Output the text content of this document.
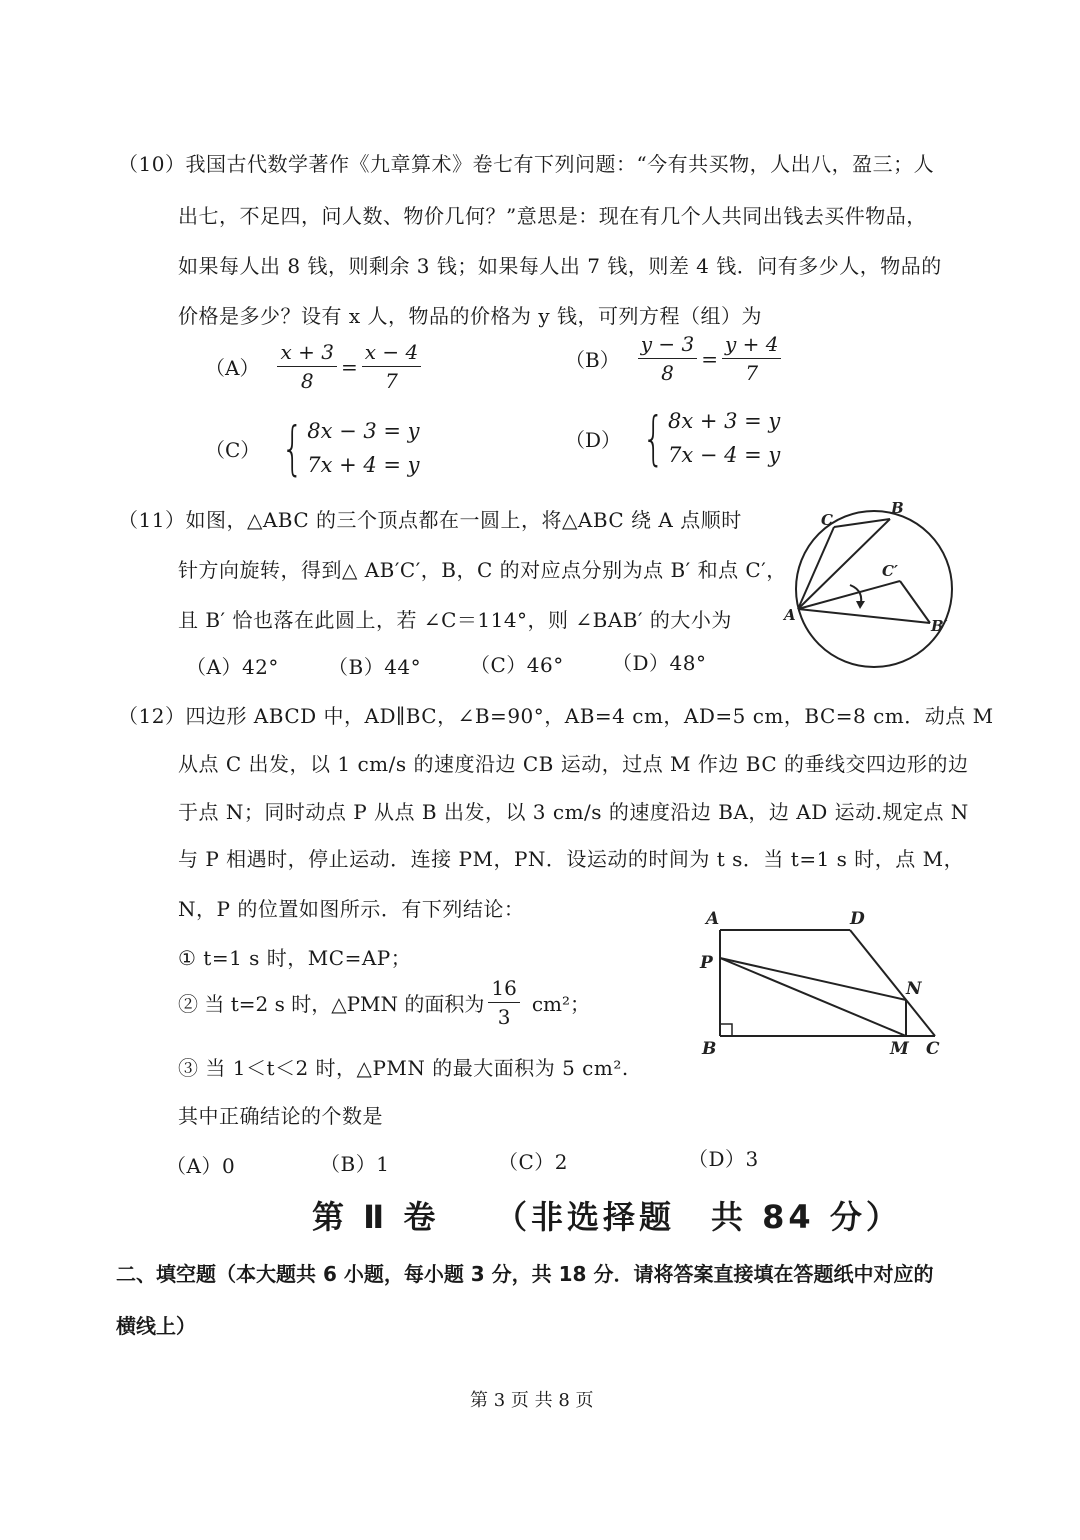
（10）我国古代数学著作《九章算术》卷七有下列问题：“今有共买物，人出八，盈三；人
出七，不足四，问人数、物价几何？”意思是：现在有几个人共同出钱去买件物品，
如果每人出 8 钱，则剩余 3 钱；如果每人出 7 钱，则差 4 钱．问有多少人，物品的
价格是多少？设有 x 人，物品的价格为 y 钱，可列方程（组）为
$(A) \frac{x + 3}{8} = \frac{x - 4}{7}$	$(B) \frac{y - 3}{8} = \frac{y + 4}{7}$
（C） { 8x − 3 = y
7x + 4 = y
（D） { 8x + 3 = y
7x − 4 = y
（11）如图，△ABC 的三个顶点都在一圆上，将△ABC 绕 A 点顺时
针方向旋转，得到△ AB′C′，B，C 的对应点分别为点 B′ 和点 C′，
且 B′ 恰也落在此圆上，若 ∠C＝114°，则 ∠BAB′ 的大小为
（A）42° （B）44° （C）46° （D）48°
A
B
C
C′
B′
（12）四边形 ABCD 中，AD∥BC，∠B=90°，AB=4 cm，AD=5 cm，BC=8 cm．动点 M
从点 C 出发，以 1 cm/s 的速度沿边 CB 运动，过点 M 作边 BC 的垂线交四边形的边
于点 N；同时动点 P 从点 B 出发，以 3 cm/s 的速度沿边 BA，边 AD 运动.规定点 N
与 P 相遇时，停止运动．连接 PM，PN．设运动的时间为 t s．当 t=1 s 时，点 M，
N，P 的位置如图所示．有下列结论：
① t=1 s 时，MC=AP；
② 当 t=2 s 时，△PMN 的面积为 $\frac{16}{3} cm^2$；
③ 当 1＜t＜2 时，△PMN 的最大面积为 5 cm².
其中正确结论的个数是
（A）0	（B）1	（C）2	（D）3
A	D
P
N
B	M C
第 Ⅱ 卷 （非选择题　共 84 分）
二、填空题（本大题共 6 小题，每小题 3 分，共 18 分．请将答案直接填在答题纸中对应的
横线上）
第 3 页 共 8 页
